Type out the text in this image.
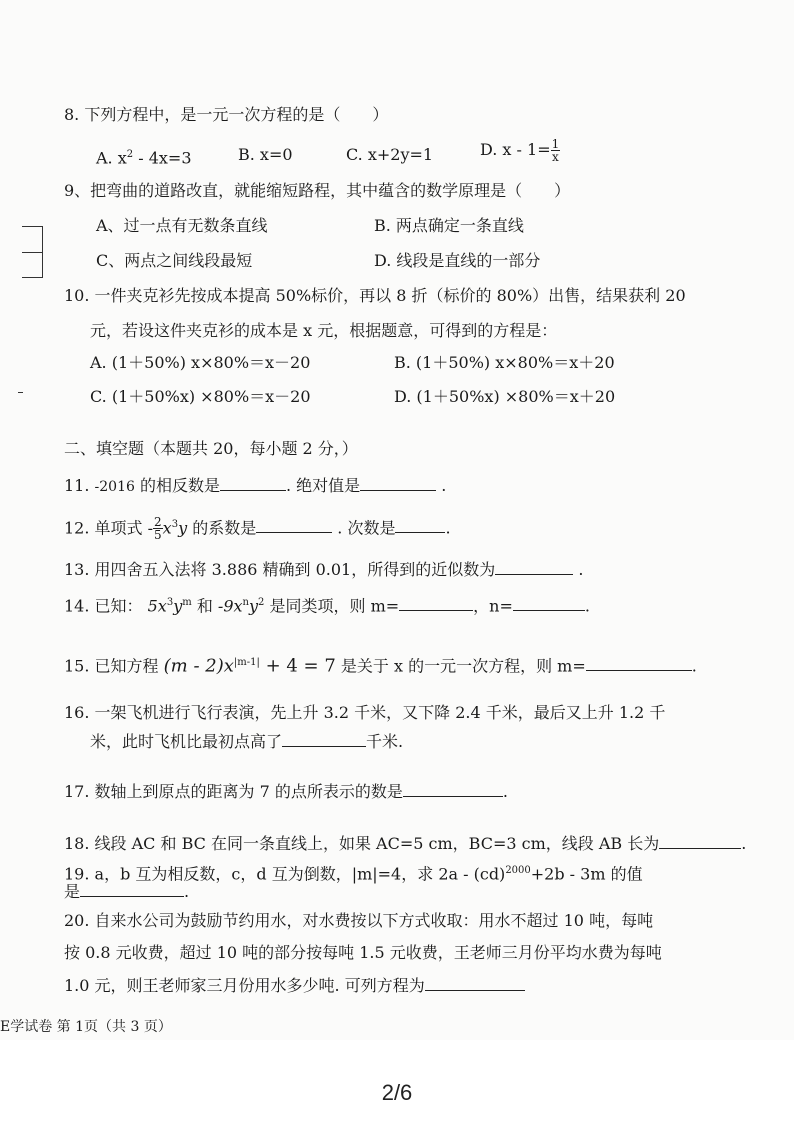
8. 下列方程中，是一元一次方程的是（　　）
A. $x^2 - 4x=3$	B. x=0	C. x+2y=1	D. $x - 1= \frac{1}{x}$
9、把弯曲的道路改直，就能缩短路程，其中蕴含的数学原理是（　　）
A、过一点有无数条直线	B. 两点确定一条直线
C、两点之间线段最短	D. 线段是直线的一部分
10. 一件夹克衫先按成本提高 50%标价，再以 8 折（标价的 80%）出售，结果获利 20
元，若设这件夹克衫的成本是 x 元，根据题意，可得到的方程是：
A. (1＋50%) x×80%＝x－20	B. (1＋50%) x×80%＝x＋20
C. (1＋50%x) ×80%＝x－20	D. (1＋50%x) ×80%＝x＋20
二、填空题（本题共 20，每小题 2 分，）
11. -2016 的相反数是	. 绝对值是	.
12. 单项式 - $\frac{2}{5} x^3y$ 的系数是	. 次数是	.
13. 用四舍五入法将 3.886 精确到 0.01，所得到的近似数为	.
14. 已知： $5x^3y^m$ 和 $-9x^ny^2$ 是同类项，则 m=	，n=	.
15. 已知方程 $(m - 2)x^{|m-1|} + 4 = 7$ 是关于 x 的一元一次方程，则 m=	.
16. 一架飞机进行飞行表演，先上升 3.2 千米，又下降 2.4 千米，最后又上升 1.2 千
米，此时飞机比最初点高了	千米.
17. 数轴上到原点的距离为 7 的点所表示的数是	.
18. 线段 AC 和 BC 在同一条直线上，如果 AC=5 cm，BC=3 cm，线段 AB 长为	.
19. a，b 互为相反数，c，d 互为倒数，|m|=4，求 2a - (cd)$^{2000}$+2b - 3m 的值
是	.
20. 自来水公司为鼓励节约用水，对水费按以下方式收取：用水不超过 10 吨，每吨
按 0.8 元收费，超过 10 吨的部分按每吨 1.5 元收费，王老师三月份平均水费为每吨
1.0 元，则王老师家三月份用水多少吨. 可列方程为
E学试卷 第 1页（共 3 页）
2/6
